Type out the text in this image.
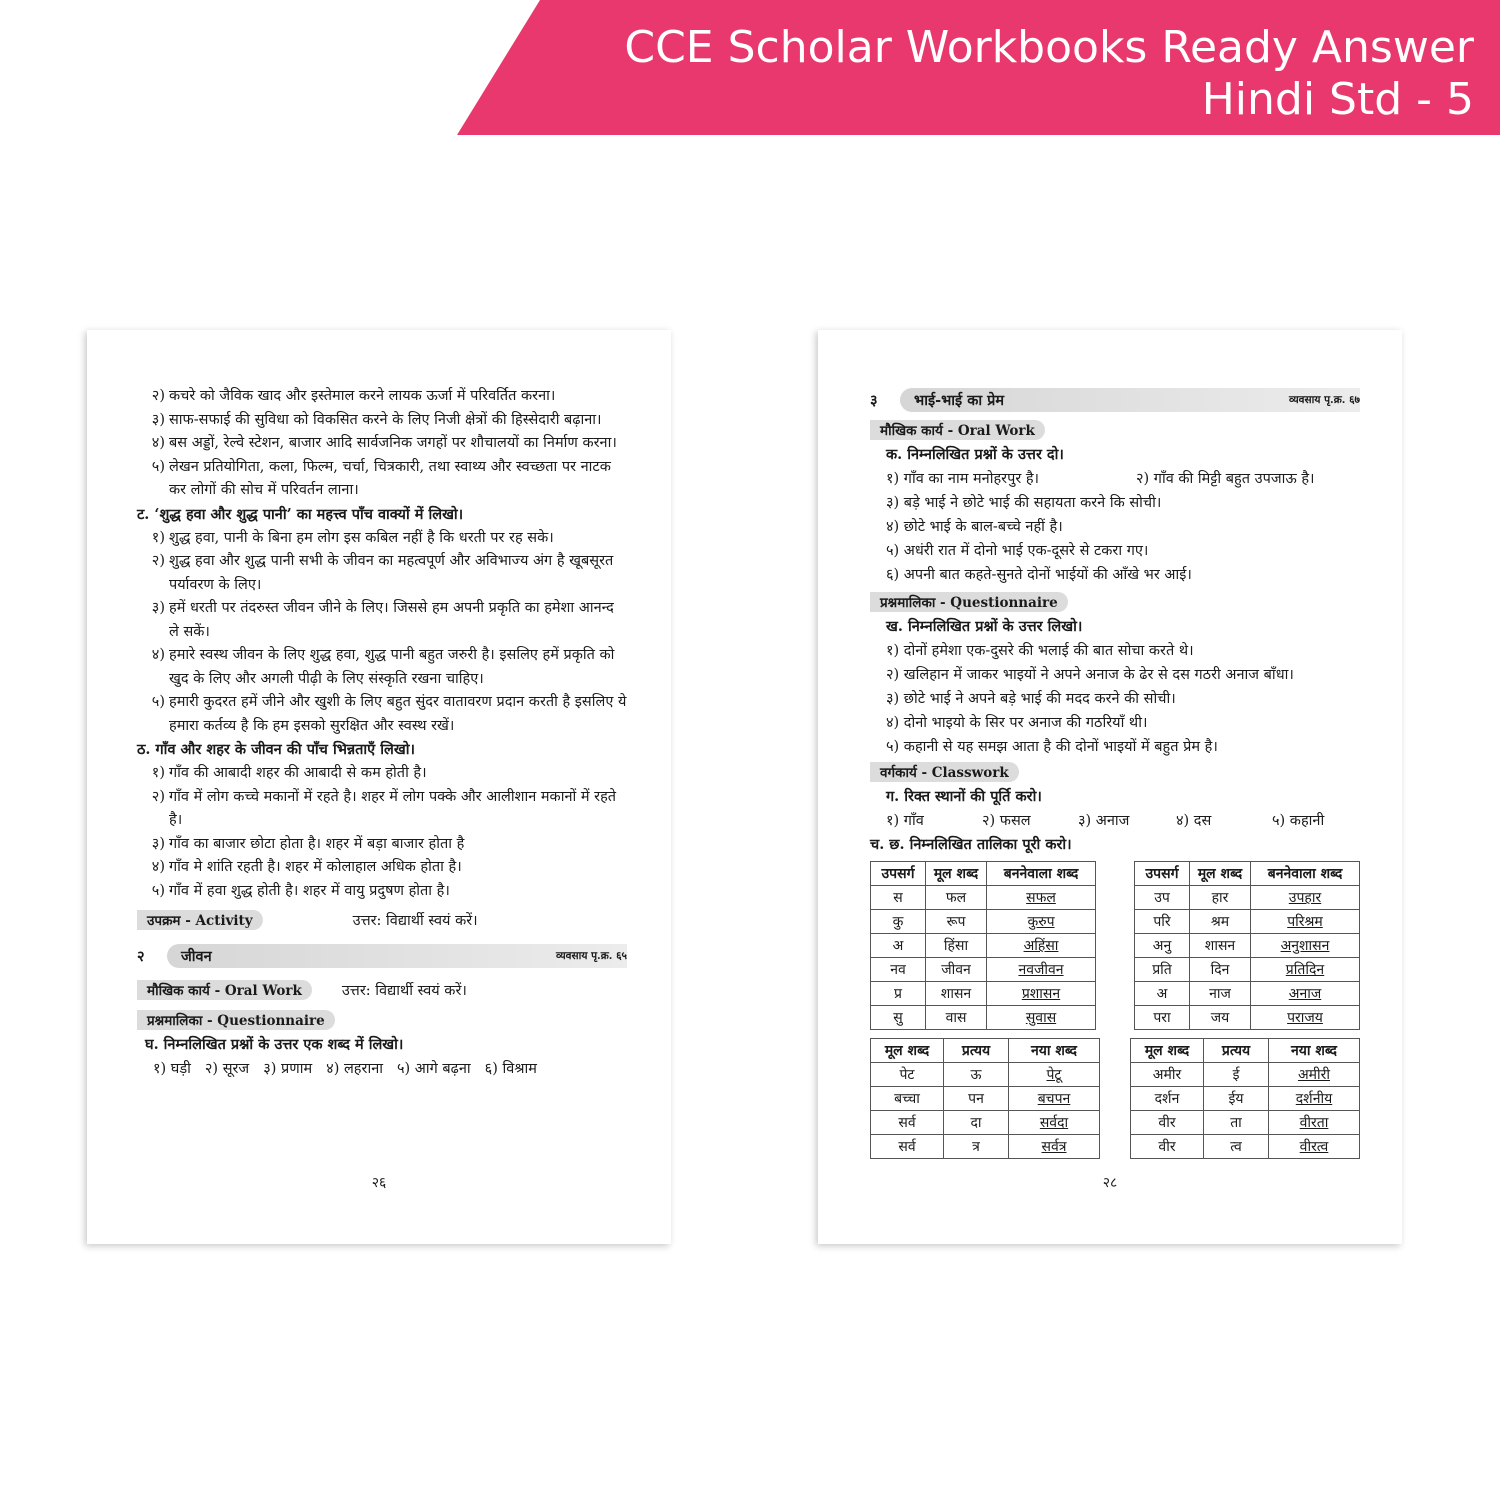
CCE Scholar Workbooks Ready Answer
Hindi Std - 5
२) कचरे को जैविक खाद और इस्तेमाल करने लायक ऊर्जा में परिवर्तित करना।
३) साफ-सफाई की सुविधा को विकसित करने के लिए निजी क्षेत्रों की हिस्सेदारी बढ़ाना।
४) बस अड्डों, रेल्वे स्टेशन, बाजार आदि सार्वजनिक जगहों पर शौचालयों का निर्माण करना।
५) लेखन प्रतियोगिता, कला, फिल्म, चर्चा, चित्रकारी, तथा स्वाथ्य और स्वच्छता पर नाटक कर लोगों की सोच में परिवर्तन लाना।
ट. ‘शुद्ध हवा और शुद्ध पानी’ का महत्त्व पाँच वाक्यों में लिखो।
१) शुद्ध हवा, पानी के बिना हम लोग इस कबिल नहीं है कि धरती पर रह सके।
२) शुद्ध हवा और शुद्ध पानी सभी के जीवन का महत्वपूर्ण और अविभाज्य अंग है खूबसूरत पर्यावरण के लिए।
३) हमें धरती पर तंदरुस्त जीवन जीने के लिए। जिससे हम अपनी प्रकृति का हमेशा आनन्द ले सकें।
४) हमारे स्वस्थ जीवन के लिए शुद्ध हवा, शुद्ध पानी बहुत जरुरी है। इसलिए हमें प्रकृति को खुद के लिए और अगली पीढ़ी के लिए संस्कृति रखना चाहिए।
५) हमारी कुदरत हमें जीने और खुशी के लिए बहुत सुंदर वातावरण प्रदान करती है इसलिए ये हमारा कर्तव्य है कि हम इसको सुरक्षित और स्वस्थ रखें।
ठ. गाँव और शहर के जीवन की पाँच भिन्नताएँ लिखो।
१) गाँव की आबादी शहर की आबादी से कम होती है।
२) गाँव में लोग कच्चे मकानों में रहते है। शहर में लोग पक्के और आलीशान मकानों में रहते है।
३) गाँव का बाजार छोटा होता है। शहर में बड़ा बाजार होता है
४) गाँव मे शांति रहती है। शहर में कोलाहाल अधिक होता है।
५) गाँव में हवा शुद्ध होती है। शहर में वायु प्रदुषण होता है।
उपक्रम - Activity	उत्तर: विद्यार्थी स्वयं करें।
२	जीवन	व्यवसाय पृ.क्र. ६५
मौखिक कार्य - Oral Work	उत्तर: विद्यार्थी स्वयं करें।
प्रश्नमालिका - Questionnaire
घ. निम्नलिखित प्रश्नों के उत्तर एक शब्द में लिखो।
१) घड़ी २) सूरज ३) प्रणाम ४) लहराना ५) आगे बढ़ना ६) विश्राम
२६
३	भाई-भाई का प्रेम	व्यवसाय पृ.क्र. ६७
मौखिक कार्य - Oral Work
क. निम्नलिखित प्रश्नों के उत्तर दो।
१) गाँव का नाम मनोहरपुर है।	२) गाँव की मिट्टी बहुत उपजाऊ है।
३) बड़े भाई ने छोटे भाई की सहायता करने कि सोची।
४) छोटे भाई के बाल-बच्चे नहीं है।
५) अधंरी रात में दोनो भाई एक-दूसरे से टकरा गए।
६) अपनी बात कहते-सुनते दोनों भाईयों की आँखे भर आई।
प्रश्नमालिका - Questionnaire
ख. निम्नलिखित प्रश्नों के उत्तर लिखो।
१) दोनों हमेशा एक-दुसरे की भलाई की बात सोचा करते थे।
२) खलिहान में जाकर भाइयों ने अपने अनाज के ढेर से दस गठरी अनाज बाँधा।
३) छोटे भाई ने अपने बड़े भाई की मदद करने की सोची।
४) दोनो भाइयो के सिर पर अनाज की गठरियाँ थी।
५) कहानी से यह समझ आता है की दोनों भाइयों में बहुत प्रेम है।
वर्गकार्य - Classwork
ग. रिक्त स्थानों की पूर्ति करो।
१) गाँव	२) फसल	३) अनाज	४) दस	५) कहानी
च. छ. निम्नलिखित तालिका पूरी करो।
उपसर्ग	मूल शब्द	बननेवाला शब्द
स	फल	सफल
कु	रूप	कुरुप
अ	हिंसा	अहिंसा
नव	जीवन	नवजीवन
प्र	शासन	प्रशासन
सु	वास	सुवास
उपसर्ग	मूल शब्द	बननेवाला शब्द
उप	हार	उपहार
परि	श्रम	परिश्रम
अनु	शासन	अनुशासन
प्रति	दिन	प्रतिदिन
अ	नाज	अनाज
परा	जय	पराजय
मूल शब्द	प्रत्यय	नया शब्द
पेट	ऊ	पेटू
बच्चा	पन	बचपन
सर्व	दा	सर्वदा
सर्व	त्र	सर्वत्र
मूल शब्द	प्रत्यय	नया शब्द
अमीर	ई	अमीरी
दर्शन	ईय	दर्शनीय
वीर	ता	वीरता
वीर	त्व	वीरत्व
२८
